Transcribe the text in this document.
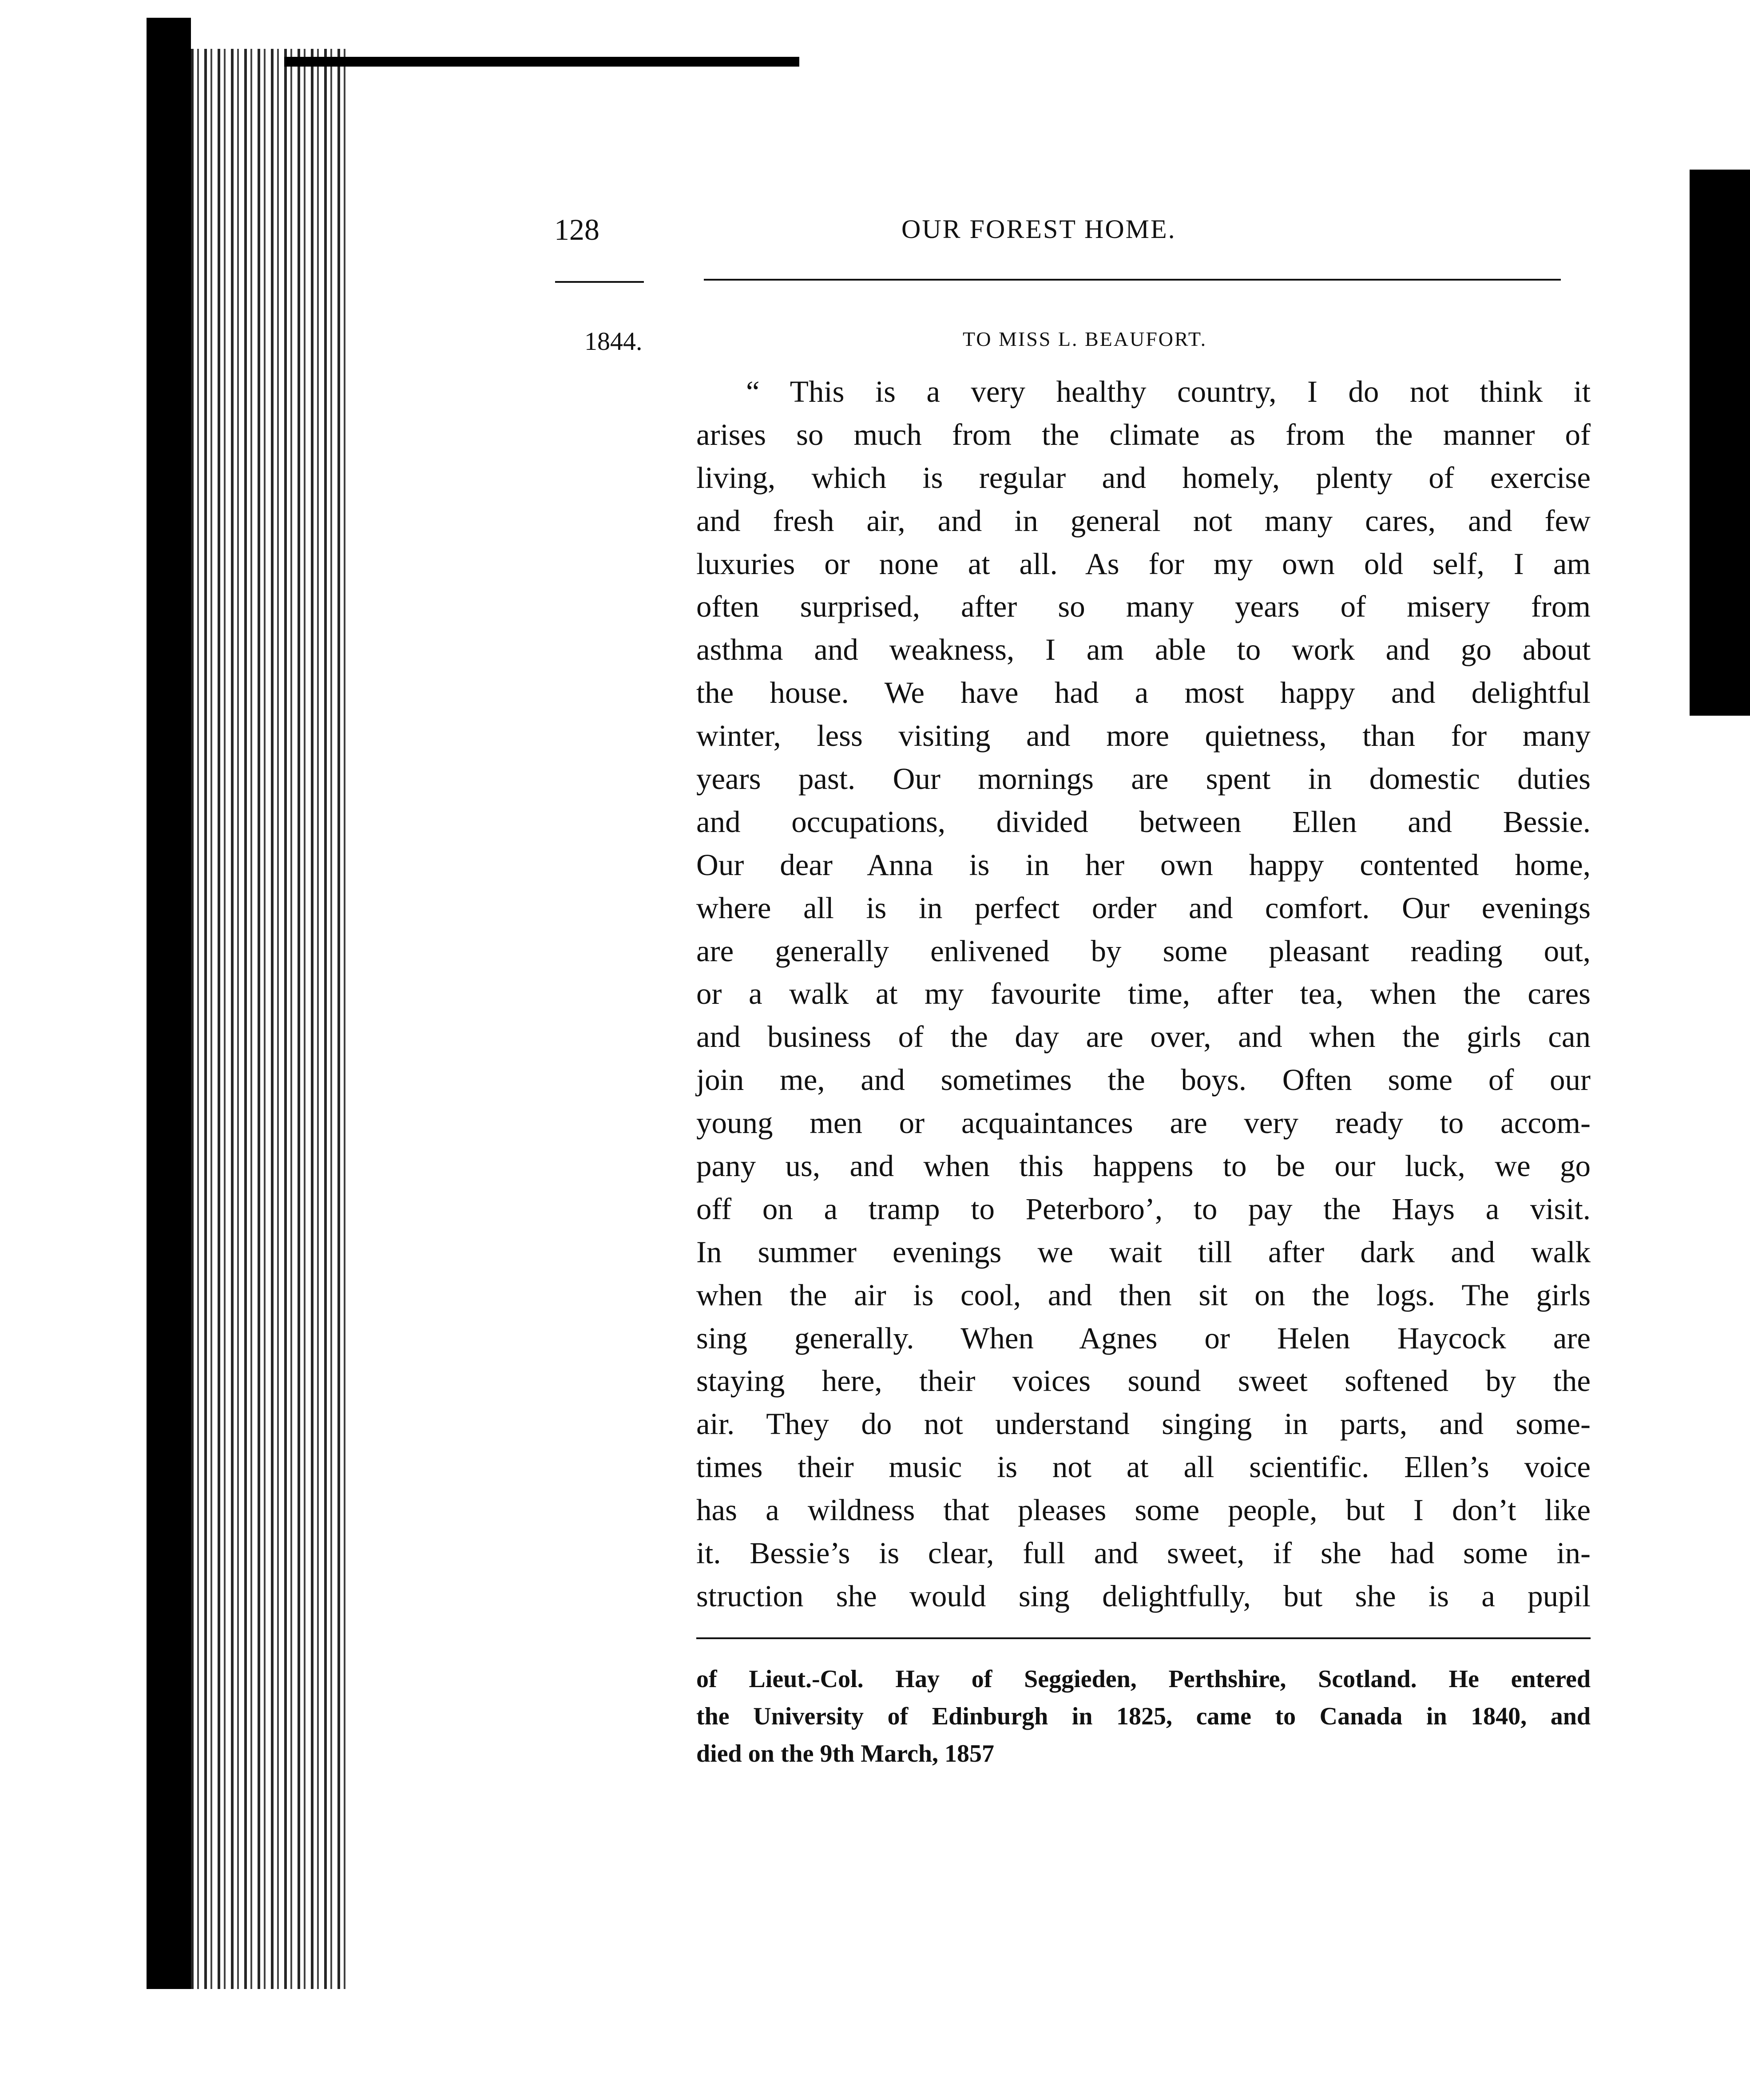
128	OUR FOREST HOME.
1844.	TO MISS L. BEAUFORT.
“ This is a very healthy country, I do not think it
arises so much from the climate as from the manner of
living, which is regular and homely, plenty of exercise
and fresh air, and in general not many cares, and few
luxuries or none at all. As for my own old self, I am
often surprised, after so many years of misery from
asthma and weakness, I am able to work and go about
the house. We have had a most happy and delightful
winter, less visiting and more quietness, than for many
years past. Our mornings are spent in domestic duties
and occupations, divided between Ellen and Bessie.
Our dear Anna is in her own happy contented home,
where all is in perfect order and comfort. Our evenings
are generally enlivened by some pleasant reading out,
or a walk at my favourite time, after tea, when the cares
and business of the day are over, and when the girls can
join me, and sometimes the boys. Often some of our
young men or acquaintances are very ready to accom-
pany us, and when this happens to be our luck, we go
off on a tramp to Peterboro’, to pay the Hays a visit.
In summer evenings we wait till after dark and walk
when the air is cool, and then sit on the logs. The girls
sing generally. When Agnes or Helen Haycock are
staying here, their voices sound sweet softened by the
air. They do not understand singing in parts, and some-
times their music is not at all scientific. Ellen’s voice
has a wildness that pleases some people, but I don’t like
it. Bessie’s is clear, full and sweet, if she had some in-
struction she would sing delightfully, but she is a pupil
of Lieut.-Col. Hay of Seggieden, Perthshire, Scotland. He entered
the University of Edinburgh in 1825, came to Canada in 1840, and
died on the 9th March, 1857
